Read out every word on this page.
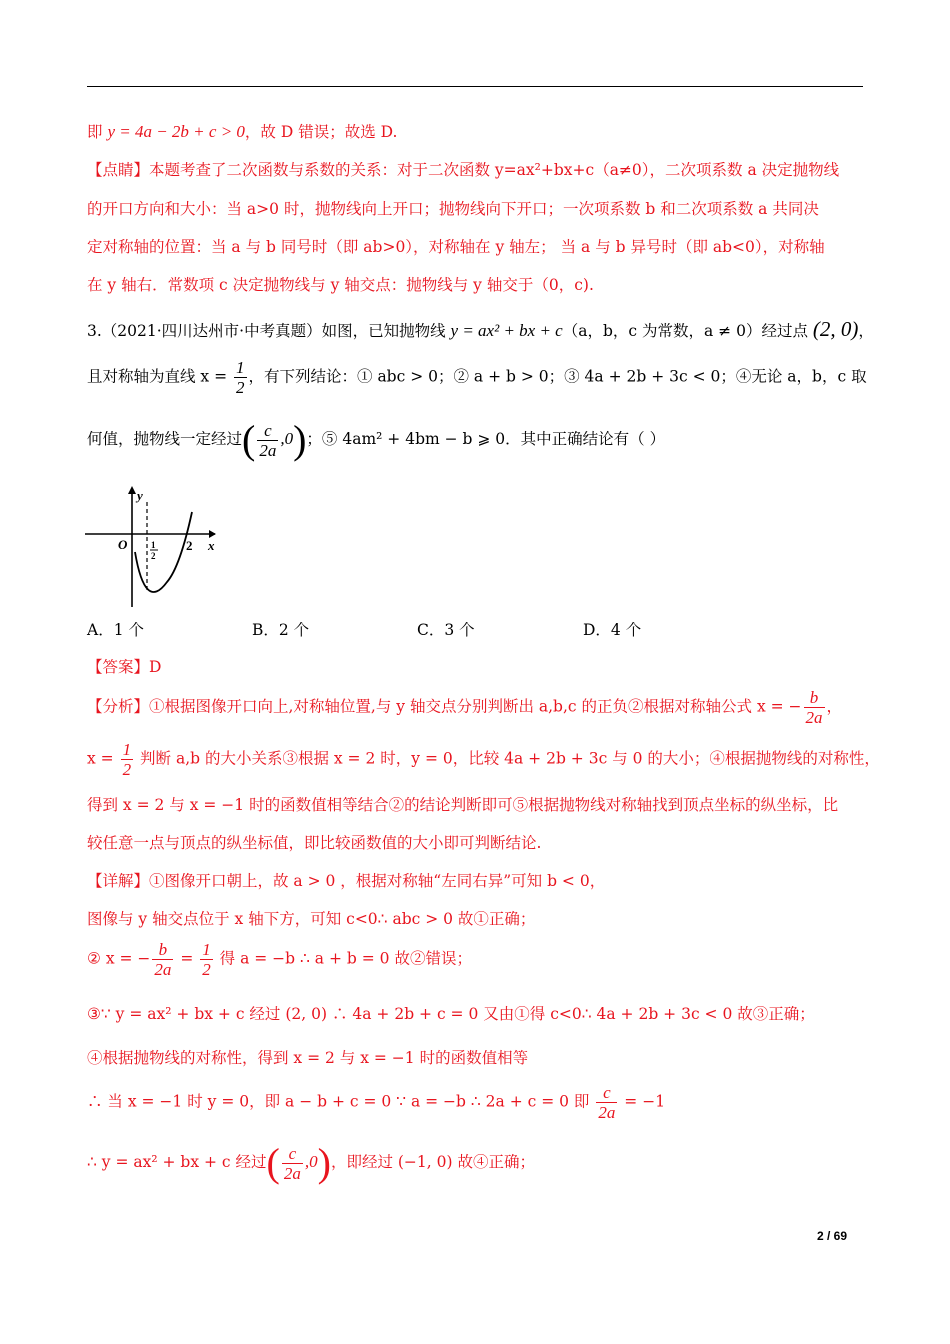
即 y = 4a − 2b + c > 0，故 D 错误；故选 D.
【点睛】本题考查了二次函数与系数的关系：对于二次函数 y=ax²+bx+c（a≠0），二次项系数 a 决定抛物线
的开口方向和大小：当 a>0 时，抛物线向上开口；抛物线向下开口；一次项系数 b 和二次项系数 a 共同决
定对称轴的位置：当 a 与 b 同号时（即 ab>0），对称轴在 y 轴左； 当 a 与 b 异号时（即 ab<0），对称轴
在 y 轴右．常数项 c 决定抛物线与 y 轴交点：抛物线与 y 轴交于（0，c).
3.（2021·四川达州市·中考真题）如图，已知抛物线 y = ax² + bx + c（a，b，c 为常数，a ≠ 0）经过点 (2, 0)，
且对称轴为直线 $x = \frac{1}{2}$ ，有下列结论：① abc > 0；② a + b > 0；③ 4a + 2b + 3c < 0；④无论 a，b，c 取
何值，抛物线一定经过( $\frac{c}{2a} ,0$)；⑤ 4am² + 4bm − b ⩾ 0．其中正确结论有（ ）
y
x
O	1
2
2
A．1 个	B．2 个	C．3 个	D．4 个
【答案】D
【分析】①根据图像开口向上,对称轴位置,与 y 轴交点分别判断出 a,b,c 的正负②根据对称轴公式 x = − $\frac{b}{2a}$ ，
$x = \frac{1}{2}$ 判断 a,b 的大小关系③根据 x = 2 时，y = 0，比较 4a + 2b + 3c 与 0 的大小；④根据抛物线的对称性，
得到 x = 2 与 x = −1 时的函数值相等结合②的结论判断即可⑤根据抛物线对称轴找到顶点坐标的纵坐标，比
较任意一点与顶点的纵坐标值，即比较函数值的大小即可判断结论.
【详解】①图像开口朝上，故 a > 0 ，根据对称轴“左同右异”可知 b < 0，
图像与 y 轴交点位于 x 轴下方，可知 c<0∴ abc > 0 故①正确；
② x = − $\frac{b}{2a} = \frac{1}{2}$ 得 a = −b ∴ a + b = 0 故②错误；
③∵ y = ax² + bx + c 经过 (2, 0) ∴ 4a + 2b + c = 0 又由①得 c<0∴ 4a + 2b + 3c < 0 故③正确；
④根据抛物线的对称性，得到 x = 2 与 x = −1 时的函数值相等
∴ 当 x = −1 时 y = 0，即 a − b + c = 0 ∵ a = −b ∴ 2a + c = 0 即 $\frac{c}{2a} = -1$
∴ y = ax² + bx + c 经过( $\frac{c}{2a} ,0$)，即经过 (−1, 0) 故④正确；
2 / 69
